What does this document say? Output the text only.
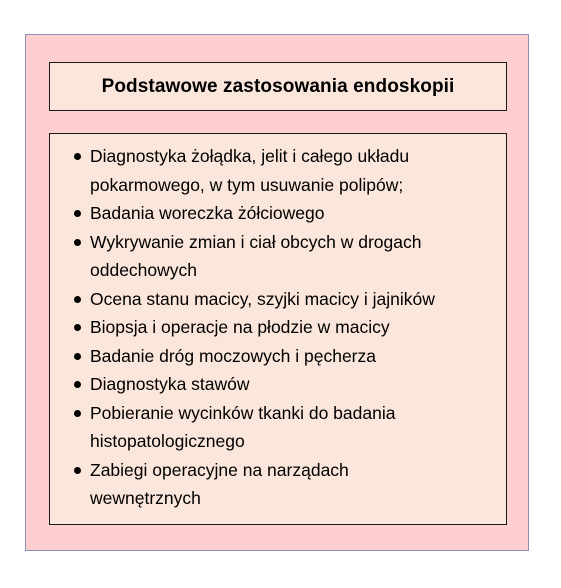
Podstawowe zastosowania endoskopii
Diagnostyka żołądka, jelit i całego układu
pokarmowego, w tym usuwanie polipów;
Badania woreczka żółciowego
Wykrywanie zmian i ciał obcych w drogach
oddechowych
Ocena stanu macicy, szyjki macicy i jajników
Biopsja i operacje na płodzie w macicy
Badanie dróg moczowych i pęcherza
Diagnostyka stawów
Pobieranie wycinków tkanki do badania
histopatologicznego
Zabiegi operacyjne na narządach
wewnętrznych
